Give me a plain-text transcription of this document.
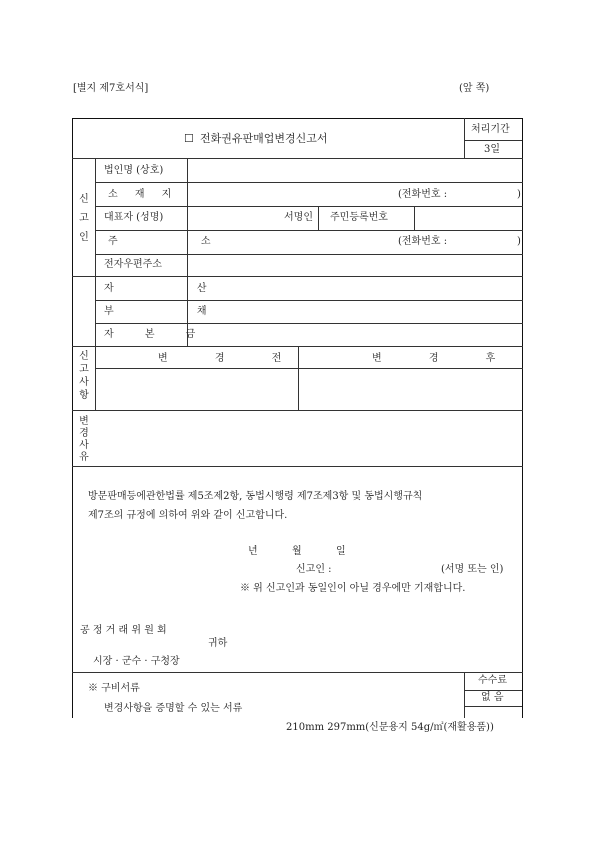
[별지 제7호서식]	(앞 쪽)
☐ 전화권유판매업변경신고서
처리기간
3일
신
고
인
법인명 (상호)
소 재 지	(전화번호 :	)
대표자 (성명)	서명인 주민등록번호
주 소	(전화번호 :	)
전자우편주소
자 산
부 채
자 본 금
신
고
사
항
변 경 전	변 경 후
변
경
사
유
방문판매등에관한법률 제5조제2항, 동법시행령 제7조제3항 및 동법시행규칙
제7조의 규정에 의하여 위와 같이 신고합니다.
년	월	일
신고인 :	(서명 또는 인)
※ 위 신고인과 동일인이 아닐 경우에만 기재합니다.
공 정 거 래 위 원 회
귀하
시장 · 군수 · 구청장
※ 구비서류
변경사항을 증명할 수 있는 서류
수수료
없 음
210mm 297mm(신문용지 54g/㎡(재활용품))
